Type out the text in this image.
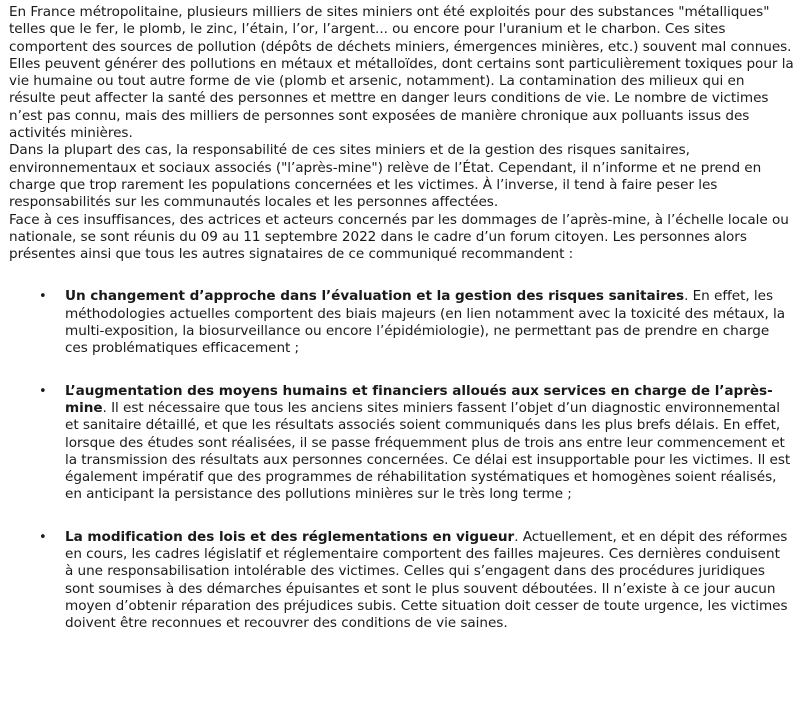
En France métropolitaine, plusieurs milliers de sites miniers ont été exploités pour des substances "métalliques" telles que le fer, le plomb, le zinc, l’étain, l’or, l’argent... ou encore pour l'uranium et le charbon. Ces sites comportent des sources de pollution (dépôts de déchets miniers, émergences minières, etc.) souvent mal connues. Elles peuvent générer des pollutions en métaux et métalloïdes, dont certains sont particulièrement toxiques pour la vie humaine ou tout autre forme de vie (plomb et arsenic, notamment). La contamination des milieux qui en résulte peut affecter la santé des personnes et mettre en danger leurs conditions de vie. Le nombre de victimes n’est pas connu, mais des milliers de personnes sont exposées de manière chronique aux polluants issus des activités minières.

Dans la plupart des cas, la responsabilité de ces sites miniers et de la gestion des risques sanitaires, environnementaux et sociaux associés ("l’après-mine") relève de l’État. Cependant, il n’informe et ne prend en charge que trop rarement les populations concernées et les victimes. À l’inverse, il tend à faire peser les responsabilités sur les communautés locales et les personnes affectées.

Face à ces insuffisances, des actrices et acteurs concernés par les dommages de l’après-mine, à l’échelle locale ou nationale, se sont réunis du 09 au 11 septembre 2022 dans le cadre d’un forum citoyen. Les personnes alors présentes ainsi que tous les autres signataires de ce communiqué recommandent :

• Un changement d’approche dans l’évaluation et la gestion des risques sanitaires. En effet, les méthodologies actuelles comportent des biais majeurs (en lien notamment avec la toxicité des métaux, la multi-exposition, la biosurveillance ou encore l’épidémiologie), ne permettant pas de prendre en charge ces problématiques efficacement ;
• L’augmentation des moyens humains et financiers alloués aux services en charge de l’après-mine. Il est nécessaire que tous les anciens sites miniers fassent l’objet d’un diagnostic environnemental et sanitaire détaillé, et que les résultats associés soient communiqués dans les plus brefs délais. En effet, lorsque des études sont réalisées, il se passe fréquemment plus de trois ans entre leur commencement et la transmission des résultats aux personnes concernées. Ce délai est insupportable pour les victimes. Il est également impératif que des programmes de réhabilitation systématiques et homogènes soient réalisés, en anticipant la persistance des pollutions minières sur le très long terme ;
• La modification des lois et des réglementations en vigueur. Actuellement, et en dépit des réformes en cours, les cadres législatif et réglementaire comportent des failles majeures. Ces dernières conduisent à une responsabilisation intolérable des victimes. Celles qui s’engagent dans des procédures juridiques sont soumises à des démarches épuisantes et sont le plus souvent déboutées. Il n’existe à ce jour aucun moyen d’obtenir réparation des préjudices subis. Cette situation doit cesser de toute urgence, les victimes doivent être reconnues et recouvrer des conditions de vie saines.
